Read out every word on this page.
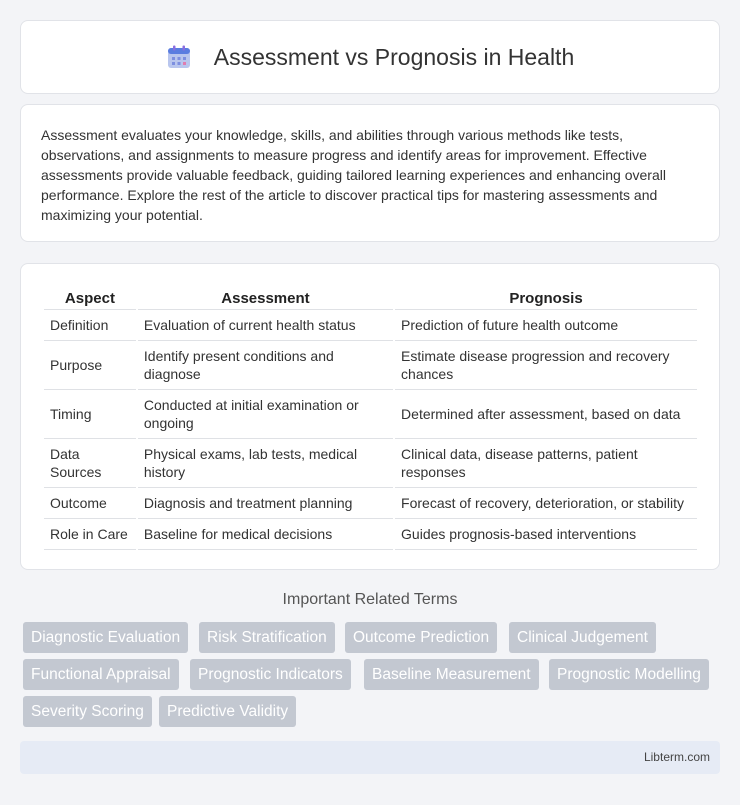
Assessment vs Prognosis in Health

Assessment evaluates your knowledge, skills, and abilities through various methods like tests, observations, and assignments to measure progress and identify areas for improvement. Effective assessments provide valuable feedback, guiding tailored learning experiences and enhancing overall performance. Explore the rest of the article to discover practical tips for mastering assessments and maximizing your potential.

Aspect	Assessment	Prognosis
Definition	Evaluation of current health status	Prediction of future health outcome
Purpose	Identify present conditions and diagnose	Estimate disease progression and recovery chances
Timing	Conducted at initial examination or ongoing	Determined after assessment, based on data
Data Sources	Physical exams, lab tests, medical history	Clinical data, disease patterns, patient responses
Outcome	Diagnosis and treatment planning	Forecast of recovery, deterioration, or stability
Role in Care	Baseline for medical decisions	Guides prognosis-based interventions
Important Related Terms
Diagnostic Evaluation	Risk Stratification	Outcome Prediction	Clinical Judgement
Functional Appraisal	Prognostic Indicators	Baseline Measurement	Prognostic Modelling
Severity Scoring	Predictive Validity
Libterm.com
